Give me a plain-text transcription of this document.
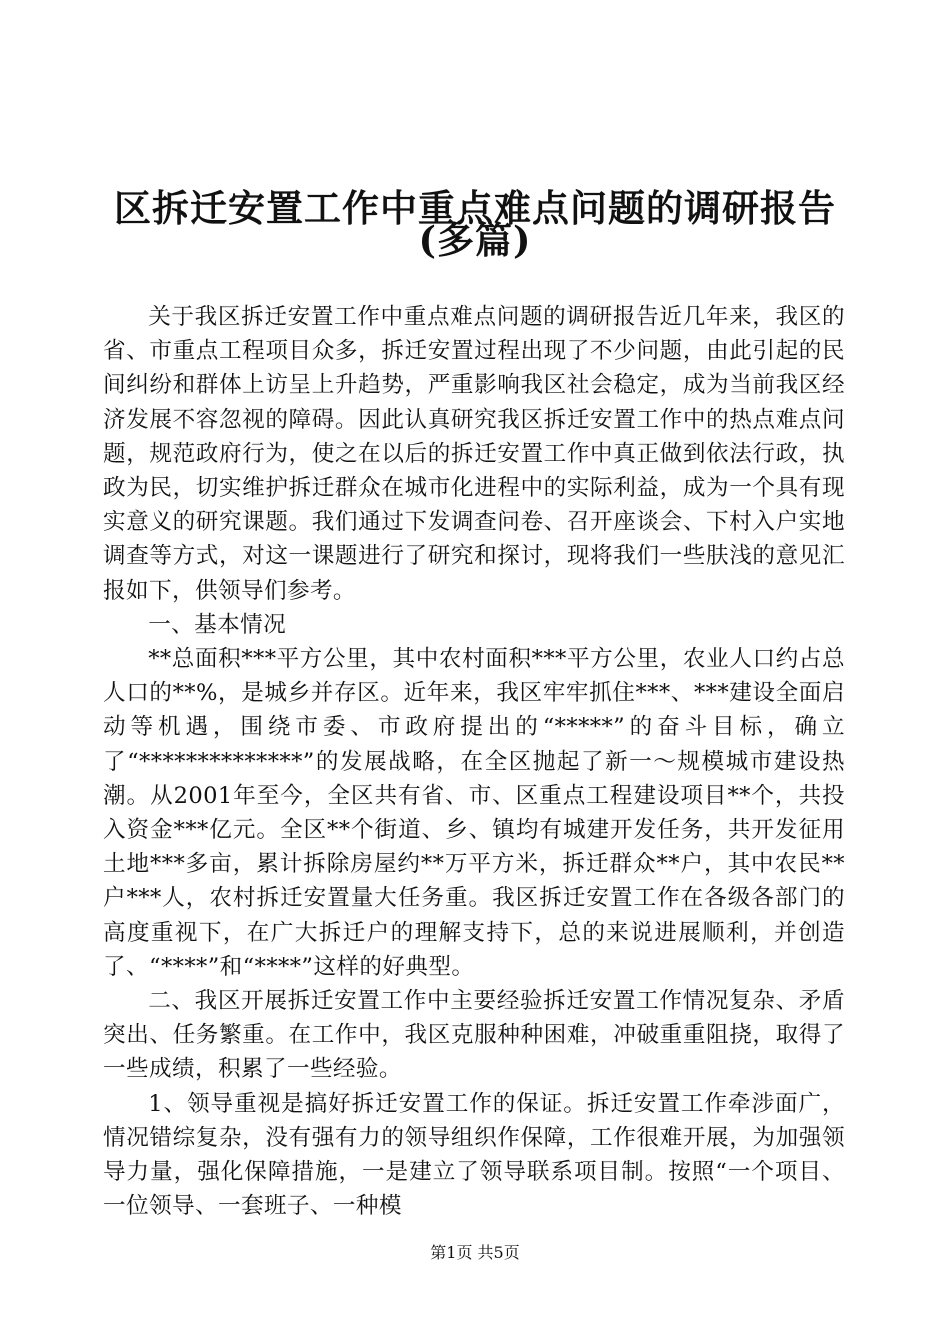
区拆迁安置工作中重点难点问题的调研报告
(多篇)

关于我区拆迁安置工作中重点难点问题的调研报告近几年来，我区的省、市重点工程项目众多，拆迁安置过程出现了不少问题，由此引起的民间纠纷和群体上访呈上升趋势，严重影响我区社会稳定，成为当前我区经济发展不容忽视的障碍。因此认真研究我区拆迁安置工作中的热点难点问题，规范政府行为，使之在以后的拆迁安置工作中真正做到依法行政，执政为民，切实维护拆迁群众在城市化进程中的实际利益，成为一个具有现实意义的研究课题。我们通过下发调查问卷、召开座谈会、下村入户实地调查等方式，对这一课题进行了研究和探讨，现将我们一些肤浅的意见汇报如下，供领导们参考。

一、基本情况

**总面积***平方公里，其中农村面积***平方公里，农业人口约占总人口的**%，是城乡并存区。近年来，我区牢牢抓住***、***建设全面启动等机遇，围绕市委、市政府提出的“*****”的奋斗目标，确立了“**************”的发展战略，在全区抛起了新一～规模城市建设热潮。从2001年至今，全区共有省、市、区重点工程建设项目**个，共投入资金***亿元。全区**个街道、乡、镇均有城建开发任务，共开发征用土地***多亩，累计拆除房屋约**万平方米，拆迁群众**户，其中农民**户***人，农村拆迁安置量大任务重。我区拆迁安置工作在各级各部门的高度重视下，在广大拆迁户的理解支持下，总的来说进展顺利，并创造了、“****”和“****”这样的好典型。

二、我区开展拆迁安置工作中主要经验拆迁安置工作情况复杂、矛盾突出、任务繁重。在工作中，我区克服种种困难，冲破重重阻挠，取得了一些成绩，积累了一些经验。

1、领导重视是搞好拆迁安置工作的保证。拆迁安置工作牵涉面广，情况错综复杂，没有强有力的领导组织作保障，工作很难开展，为加强领导力量，强化保障措施，一是建立了领导联系项目制。按照“一个项目、一位领导、一套班子、一种模

第1页 共5页
